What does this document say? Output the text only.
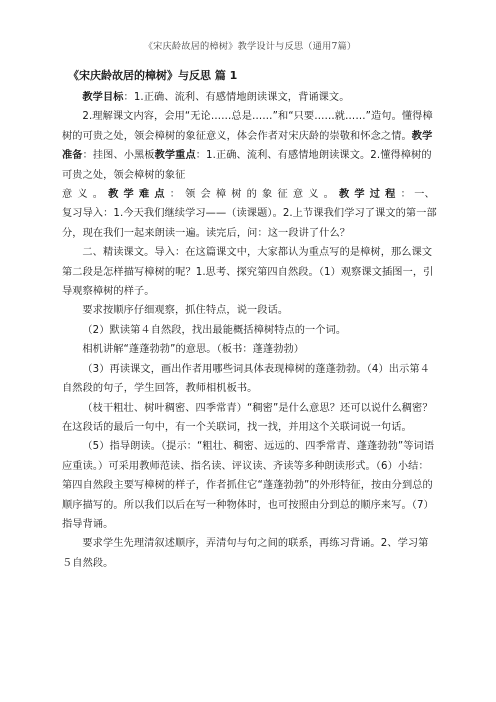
《宋庆龄故居的樟树》教学设计与反思（通用7篇）
《宋庆龄故居的樟树》与反思 篇 1

教学目标：1.正确、流利、有感情地朗读课文，背诵课文。

2.理解课文内容，会用“无论……总是……”和“只要……就……”造句。懂得樟树的可贵之处，领会樟树的象征意义，体会作者对宋庆龄的崇敬和怀念之情。教学准备：挂图、小黑板教学重点：1.正确、流利、有感情地朗读课文。2.懂得樟树的可贵之处，领会樟树的象征

意义。教学难点：领会樟树的象征意义。教学过程： 一、复习导入：1.今天我们继续学习——（读课题）。2.上节课我们学习了课文的第一部分，现在我们一起来朗读一遍。读完后，问：这一段讲了什么？

二、精读课文。导入：在这篇课文中，大家都认为重点写的是樟树，那么课文第二段是怎样描写樟树的呢？1.思考、探究第四自然段。（1）观察课文插图一，引导观察樟树的样子。

要求按顺序仔细观察，抓住特点，说一段话。

（2）默读第４自然段，找出最能概括樟树特点的一个词。

相机讲解“蓬蓬勃勃”的意思。（板书：蓬蓬勃勃）

（3）再读课文，画出作者用哪些词具体表现樟树的蓬蓬勃勃。（4）出示第４自然段的句子，学生回答，教师相机板书。

（枝干粗壮、树叶稠密、四季常青）“稠密”是什么意思？还可以说什么稠密？在这段话的最后一句中，有一个关联词，找一找，并用这个关联词说一句话。

（5）指导朗读。（提示：“粗壮、稠密、远远的、四季常青、蓬蓬勃勃”等词语应重读。）可采用教师范读、指名读、评议读、齐读等多种朗读形式。（6）小结：第四自然段主要写樟树的样子，作者抓住它“蓬蓬勃勃”的外形特征，按由分到总的顺序描写的。所以我们以后在写一种物体时，也可按照由分到总的顺序来写。（7）指导背诵。

要求学生先理清叙述顺序，弄清句与句之间的联系，再练习背诵。2、学习第５自然段。
